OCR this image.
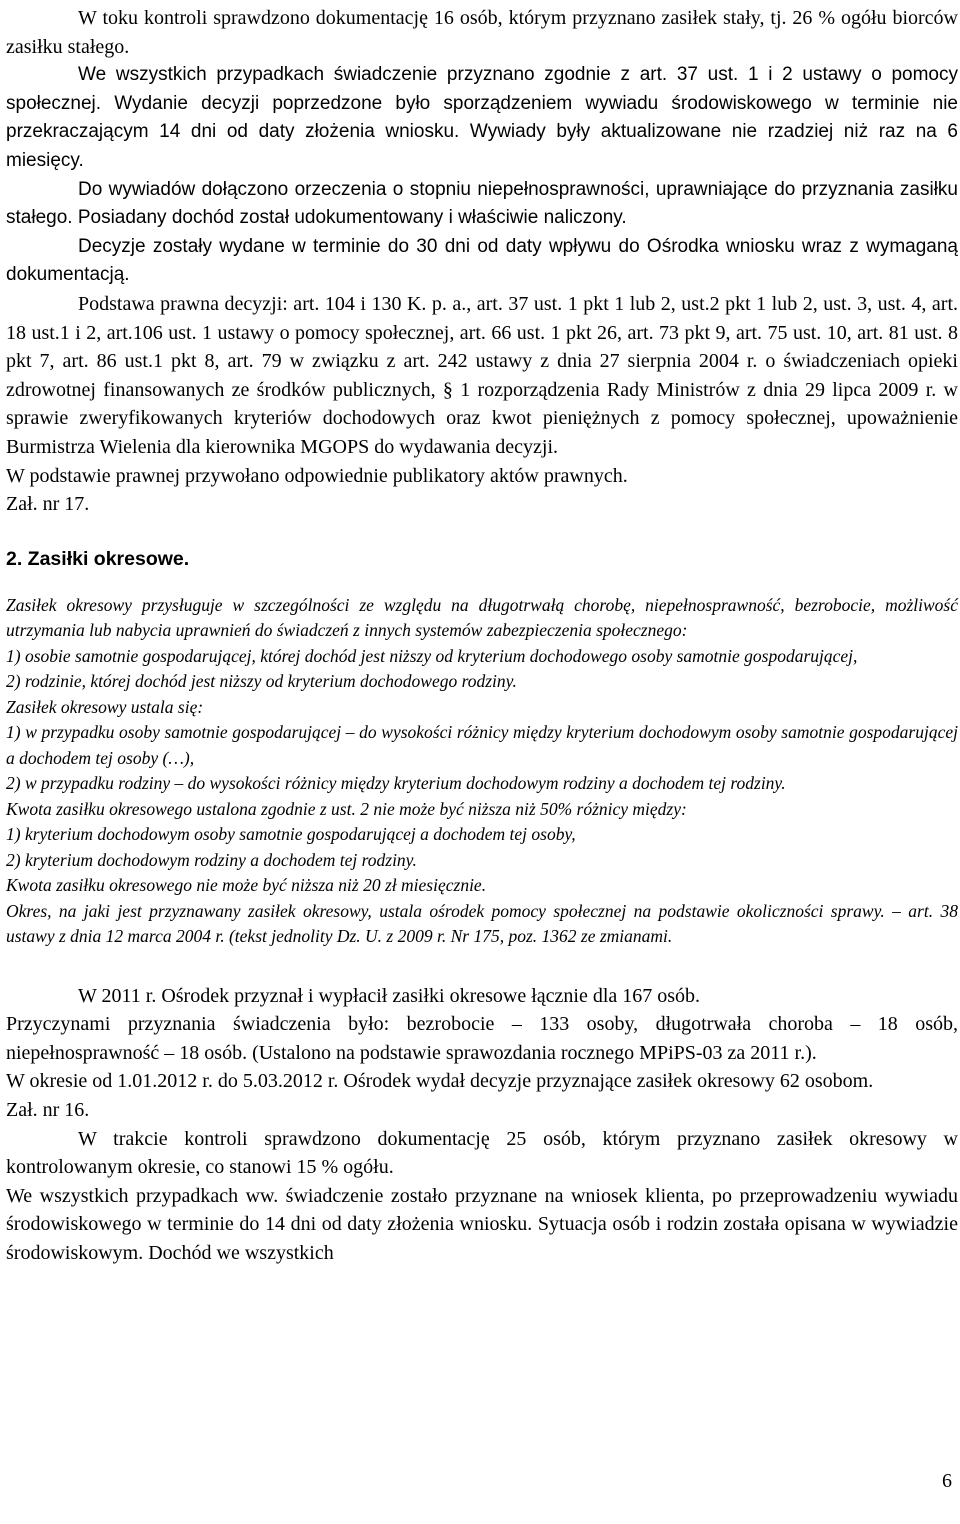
W toku kontroli sprawdzono dokumentację 16 osób, którym przyznano zasiłek stały, tj. 26 % ogółu biorców zasiłku stałego.

We wszystkich przypadkach świadczenie przyznano zgodnie z art. 37 ust. 1 i 2 ustawy o pomocy społecznej. Wydanie decyzji poprzedzone było sporządzeniem wywiadu środowiskowego w terminie nie przekraczającym 14 dni od daty złożenia wniosku. Wywiady były aktualizowane nie rzadziej niż raz na 6 miesięcy.

Do wywiadów dołączono orzeczenia o stopniu niepełnosprawności, uprawniające do przyznania zasiłku stałego. Posiadany dochód został udokumentowany i właściwie naliczony.

Decyzje zostały wydane w terminie do 30 dni od daty wpływu do Ośrodka wniosku wraz z wymaganą dokumentacją.

Podstawa prawna decyzji: art. 104 i 130 K. p. a., art. 37 ust. 1 pkt 1 lub 2, ust.2 pkt 1 lub 2, ust. 3, ust. 4, art. 18 ust.1 i 2, art.106 ust. 1 ustawy o pomocy społecznej, art. 66 ust. 1 pkt 26, art. 73 pkt 9, art. 75 ust. 10, art. 81 ust. 8 pkt 7, art. 86 ust.1 pkt 8, art. 79 w związku z art. 242 ustawy z dnia 27 sierpnia 2004 r. o świadczeniach opieki zdrowotnej finansowanych ze środków publicznych, § 1 rozporządzenia Rady Ministrów z dnia 29 lipca 2009 r. w sprawie zweryfikowanych kryteriów dochodowych oraz kwot pieniężnych z pomocy społecznej, upoważnienie Burmistrza Wielenia dla kierownika MGOPS do wydawania decyzji.

W podstawie prawnej przywołano odpowiednie publikatory aktów prawnych.

Zał. nr 17.

2. Zasiłki okresowe.

Zasiłek okresowy przysługuje w szczególności ze względu na długotrwałą chorobę, niepełnosprawność, bezrobocie, możliwość utrzymania lub nabycia uprawnień do świadczeń z innych systemów zabezpieczenia społecznego:

1) osobie samotnie gospodarującej, której dochód jest niższy od kryterium dochodowego osoby samotnie gospodarującej,

2) rodzinie, której dochód jest niższy od kryterium dochodowego rodziny.

Zasiłek okresowy ustala się:

1) w przypadku osoby samotnie gospodarującej – do wysokości różnicy między kryterium dochodowym osoby samotnie gospodarującej a dochodem tej osoby (…),

2) w przypadku rodziny – do wysokości różnicy między kryterium dochodowym rodziny a dochodem tej rodziny.

Kwota zasiłku okresowego ustalona zgodnie z ust. 2 nie może być niższa niż 50% różnicy między:

1) kryterium dochodowym osoby samotnie gospodarującej a dochodem tej osoby,

2) kryterium dochodowym rodziny a dochodem tej rodziny.

Kwota zasiłku okresowego nie może być niższa niż 20 zł miesięcznie.

Okres, na jaki jest przyznawany zasiłek okresowy, ustala ośrodek pomocy społecznej na podstawie okoliczności sprawy. – art. 38 ustawy z dnia 12 marca 2004 r. (tekst jednolity Dz. U. z 2009 r. Nr 175, poz. 1362 ze zmianami.

W 2011 r. Ośrodek przyznał i wypłacił zasiłki okresowe łącznie dla 167 osób.

Przyczynami przyznania świadczenia było: bezrobocie – 133 osoby, długotrwała choroba – 18 osób, niepełnosprawność – 18 osób. (Ustalono na podstawie sprawozdania rocznego MPiPS-03 za 2011 r.).

W okresie od 1.01.2012 r. do 5.03.2012 r. Ośrodek wydał decyzje przyznające zasiłek okresowy 62 osobom.

Zał. nr 16.

W trakcie kontroli sprawdzono dokumentację 25 osób, którym przyznano zasiłek okresowy w kontrolowanym okresie, co stanowi 15 % ogółu.

We wszystkich przypadkach ww. świadczenie zostało przyznane na wniosek klienta, po przeprowadzeniu wywiadu środowiskowego w terminie do 14 dni od daty złożenia wniosku. Sytuacja osób i rodzin została opisana w wywiadzie środowiskowym. Dochód we wszystkich

6
